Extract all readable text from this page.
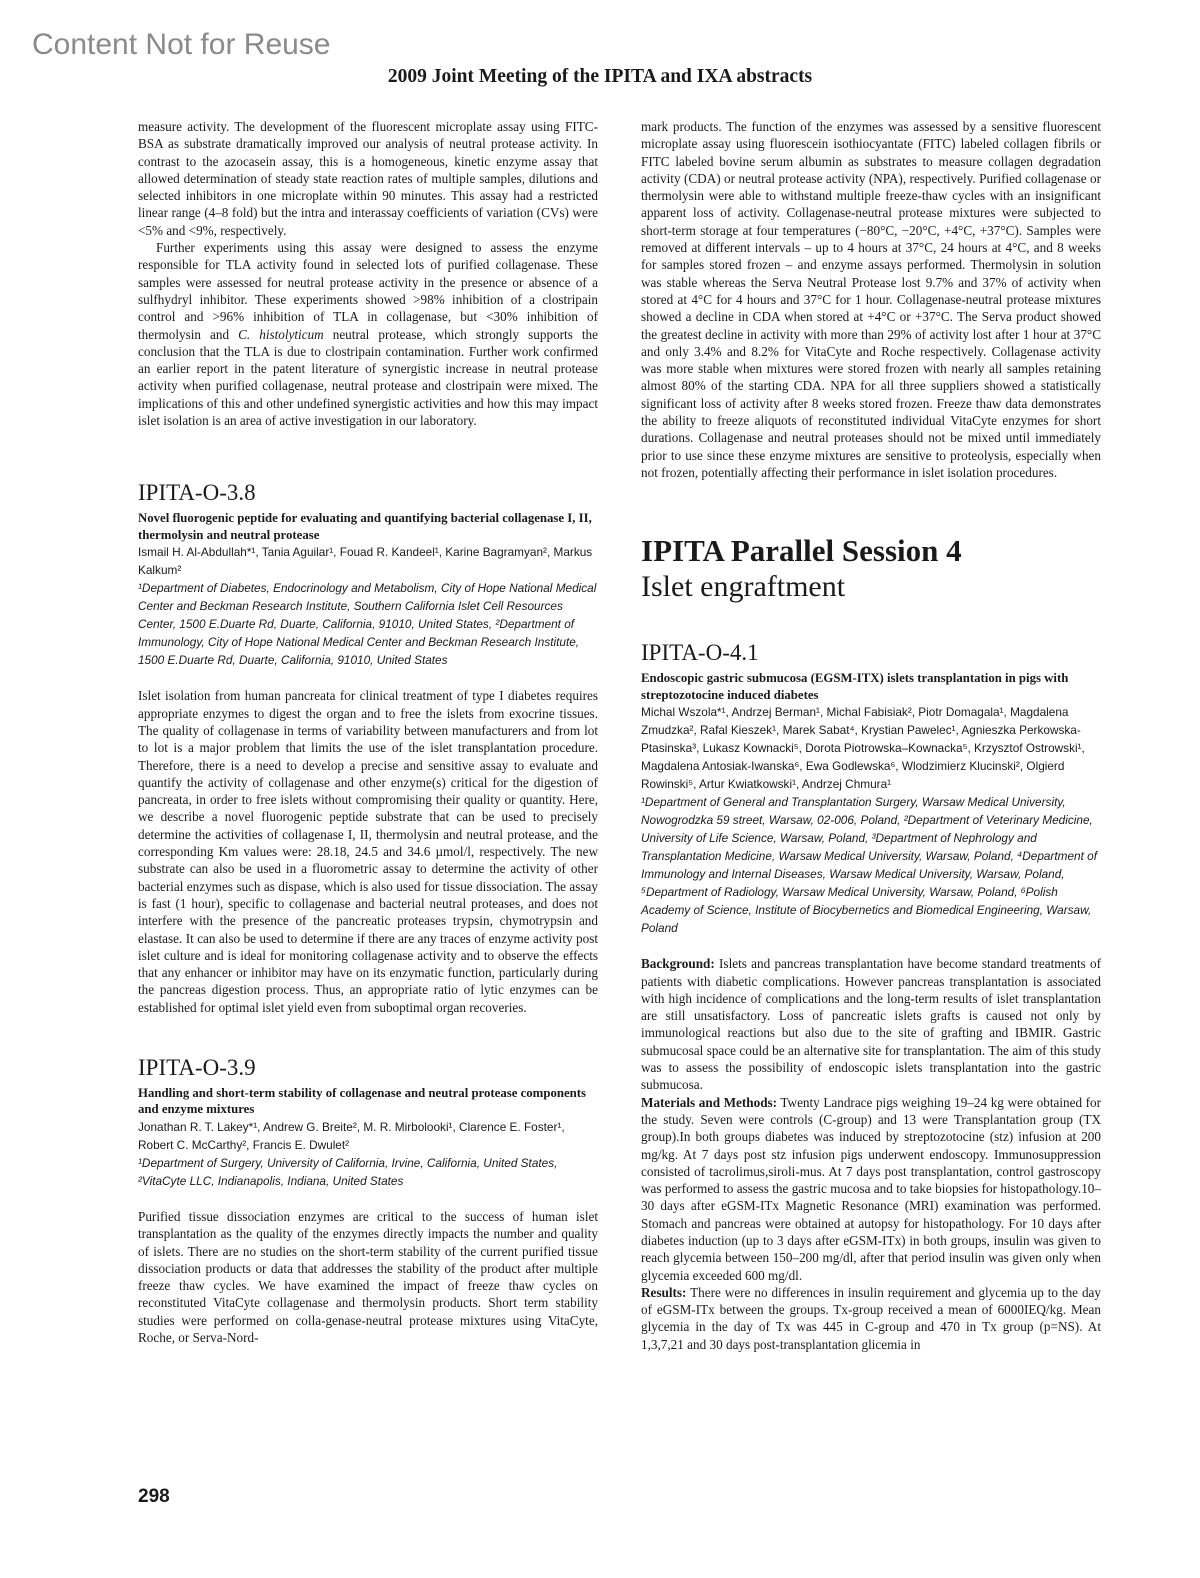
Content Not for Reuse
2009 Joint Meeting of the IPITA and IXA abstracts

measure activity. The development of the fluorescent microplate assay using FITC-BSA as substrate dramatically improved our analysis of neutral protease activity. In contrast to the azocasein assay, this is a homogeneous, kinetic enzyme assay that allowed determination of steady state reaction rates of multiple samples, dilutions and selected inhibitors in one microplate within 90 minutes. This assay had a restricted linear range (4–8 fold) but the intra and interassay coefficients of variation (CVs) were <5% and <9%, respectively.

Further experiments using this assay were designed to assess the enzyme responsible for TLA activity found in selected lots of purified collagenase. These samples were assessed for neutral protease activity in the presence or absence of a sulfhydryl inhibitor. These experiments showed >98% inhibition of a clostripain control and >96% inhibition of TLA in collagenase, but <30% inhibition of thermolysin and C. histolyticum neutral protease, which strongly supports the conclusion that the TLA is due to clostripain contamination. Further work confirmed an earlier report in the patent literature of synergistic increase in neutral protease activity when purified collagenase, neutral protease and clostripain were mixed. The implications of this and other undefined synergistic activities and how this may impact islet isolation is an area of active investigation in our laboratory.

IPITA-O-3.8
Novel fluorogenic peptide for evaluating and quantifying bacterial collagenase I, II, thermolysin and neutral protease
Ismail H. Al-Abdullah*¹, Tania Aguilar¹, Fouad R. Kandeel¹, Karine Bagramyan², Markus Kalkum²
¹Department of Diabetes, Endocrinology and Metabolism, City of Hope National Medical Center and Beckman Research Institute, Southern California Islet Cell Resources Center, 1500 E.Duarte Rd, Duarte, California, 91010, United States, ²Department of Immunology, City of Hope National Medical Center and Beckman Research Institute, 1500 E.Duarte Rd, Duarte, California, 91010, United States

Islet isolation from human pancreata for clinical treatment of type I diabetes requires appropriate enzymes to digest the organ and to free the islets from exocrine tissues. The quality of collagenase in terms of variability between manufacturers and from lot to lot is a major problem that limits the use of the islet transplantation procedure. Therefore, there is a need to develop a precise and sensitive assay to evaluate and quantify the activity of collagenase and other enzyme(s) critical for the digestion of pancreata, in order to free islets without compromising their quality or quantity. Here, we describe a novel fluorogenic peptide substrate that can be used to precisely determine the activities of collagenase I, II, thermolysin and neutral protease, and the corresponding Km values were: 28.18, 24.5 and 34.6 µmol/l, respectively. The new substrate can also be used in a fluorometric assay to determine the activity of other bacterial enzymes such as dispase, which is also used for tissue dissociation. The assay is fast (1 hour), specific to collagenase and bacterial neutral proteases, and does not interfere with the presence of the pancreatic proteases trypsin, chymotrypsin and elastase. It can also be used to determine if there are any traces of enzyme activity post islet culture and is ideal for monitoring collagenase activity and to observe the effects that any enhancer or inhibitor may have on its enzymatic function, particularly during the pancreas digestion process. Thus, an appropriate ratio of lytic enzymes can be established for optimal islet yield even from suboptimal organ recoveries.

IPITA-O-3.9
Handling and short-term stability of collagenase and neutral protease components and enzyme mixtures
Jonathan R. T. Lakey*¹, Andrew G. Breite², M. R. Mirbolooki¹, Clarence E. Foster¹, Robert C. McCarthy², Francis E. Dwulet²
¹Department of Surgery, University of California, Irvine, California, United States, ²VitaCyte LLC, Indianapolis, Indiana, United States

Purified tissue dissociation enzymes are critical to the success of human islet transplantation as the quality of the enzymes directly impacts the number and quality of islets. There are no studies on the short-term stability of the current purified tissue dissociation products or data that addresses the stability of the product after multiple freeze thaw cycles. We have examined the impact of freeze thaw cycles on reconstituted VitaCyte collagenase and thermolysin products. Short term stability studies were performed on colla-genase-neutral protease mixtures using VitaCyte, Roche, or Serva-Nord-

mark products. The function of the enzymes was assessed by a sensitive fluorescent microplate assay using fluorescein isothiocyantate (FITC) labeled collagen fibrils or FITC labeled bovine serum albumin as substrates to measure collagen degradation activity (CDA) or neutral protease activity (NPA), respectively. Purified collagenase or thermolysin were able to withstand multiple freeze-thaw cycles with an insignificant apparent loss of activity. Collagenase-neutral protease mixtures were subjected to short-term storage at four temperatures (−80°C, −20°C, +4°C, +37°C). Samples were removed at different intervals – up to 4 hours at 37°C, 24 hours at 4°C, and 8 weeks for samples stored frozen – and enzyme assays performed. Thermolysin in solution was stable whereas the Serva Neutral Protease lost 9.7% and 37% of activity when stored at 4°C for 4 hours and 37°C for 1 hour. Collagenase-neutral protease mixtures showed a decline in CDA when stored at +4°C or +37°C. The Serva product showed the greatest decline in activity with more than 29% of activity lost after 1 hour at 37°C and only 3.4% and 8.2% for VitaCyte and Roche respectively. Collagenase activity was more stable when mixtures were stored frozen with nearly all samples retaining almost 80% of the starting CDA. NPA for all three suppliers showed a statistically significant loss of activity after 8 weeks stored frozen. Freeze thaw data demonstrates the ability to freeze aliquots of reconstituted individual VitaCyte enzymes for short durations. Collagenase and neutral proteases should not be mixed until immediately prior to use since these enzyme mixtures are sensitive to proteolysis, especially when not frozen, potentially affecting their performance in islet isolation procedures.

IPITA Parallel Session 4
Islet engraftment
IPITA-O-4.1
Endoscopic gastric submucosa (EGSM-ITX) islets transplantation in pigs with streptozotocine induced diabetes
Michal Wszola*¹, Andrzej Berman¹, Michal Fabisiak², Piotr Domagala¹, Magdalena Zmudzka², Rafal Kieszek¹, Marek Sabat⁴, Krystian Pawelec¹, Agnieszka Perkowska-Ptasinska³, Lukasz Kownacki⁵, Dorota Piotrowska–Kownacka⁵, Krzysztof Ostrowski¹, Magdalena Antosiak-Iwanska⁶, Ewa Godlewska⁶, Wlodzimierz Klucinski², Olgierd Rowinski⁵, Artur Kwiatkowski¹, Andrzej Chmura¹
¹Department of General and Transplantation Surgery, Warsaw Medical University, Nowogrodzka 59 street, Warsaw, 02-006, Poland, ²Department of Veterinary Medicine, University of Life Science, Warsaw, Poland, ³Department of Nephrology and Transplantation Medicine, Warsaw Medical University, Warsaw, Poland, ⁴Department of Immunology and Internal Diseases, Warsaw Medical University, Warsaw, Poland, ⁵Department of Radiology, Warsaw Medical University, Warsaw, Poland, ⁶Polish Academy of Science, Institute of Biocybernetics and Biomedical Engineering, Warsaw, Poland

Background: Islets and pancreas transplantation have become standard treatments of patients with diabetic complications. However pancreas transplantation is associated with high incidence of complications and the long-term results of islet transplantation are still unsatisfactory. Loss of pancreatic islets grafts is caused not only by immunological reactions but also due to the site of grafting and IBMIR. Gastric submucosal space could be an alternative site for transplantation. The aim of this study was to assess the possibility of endoscopic islets transplantation into the gastric submucosa.

Materials and Methods: Twenty Landrace pigs weighing 19–24 kg were obtained for the study. Seven were controls (C-group) and 13 were Transplantation group (TX group).In both groups diabetes was induced by streptozotocine (stz) infusion at 200 mg/kg. At 7 days post stz infusion pigs underwent endoscopy. Immunosuppression consisted of tacrolimus,siroli-mus. At 7 days post transplantation, control gastroscopy was performed to assess the gastric mucosa and to take biopsies for histopathology.10–30 days after eGSM-ITx Magnetic Resonance (MRI) examination was performed. Stomach and pancreas were obtained at autopsy for histopathology. For 10 days after diabetes induction (up to 3 days after eGSM-ITx) in both groups, insulin was given to reach glycemia between 150–200 mg/dl, after that period insulin was given only when glycemia exceeded 600 mg/dl.

Results: There were no differences in insulin requirement and glycemia up to the day of eGSM-ITx between the groups. Tx-group received a mean of 6000IEQ/kg. Mean glycemia in the day of Tx was 445 in C-group and 470 in Tx group (p=NS). At 1,3,7,21 and 30 days post-transplantation glicemia in

298
